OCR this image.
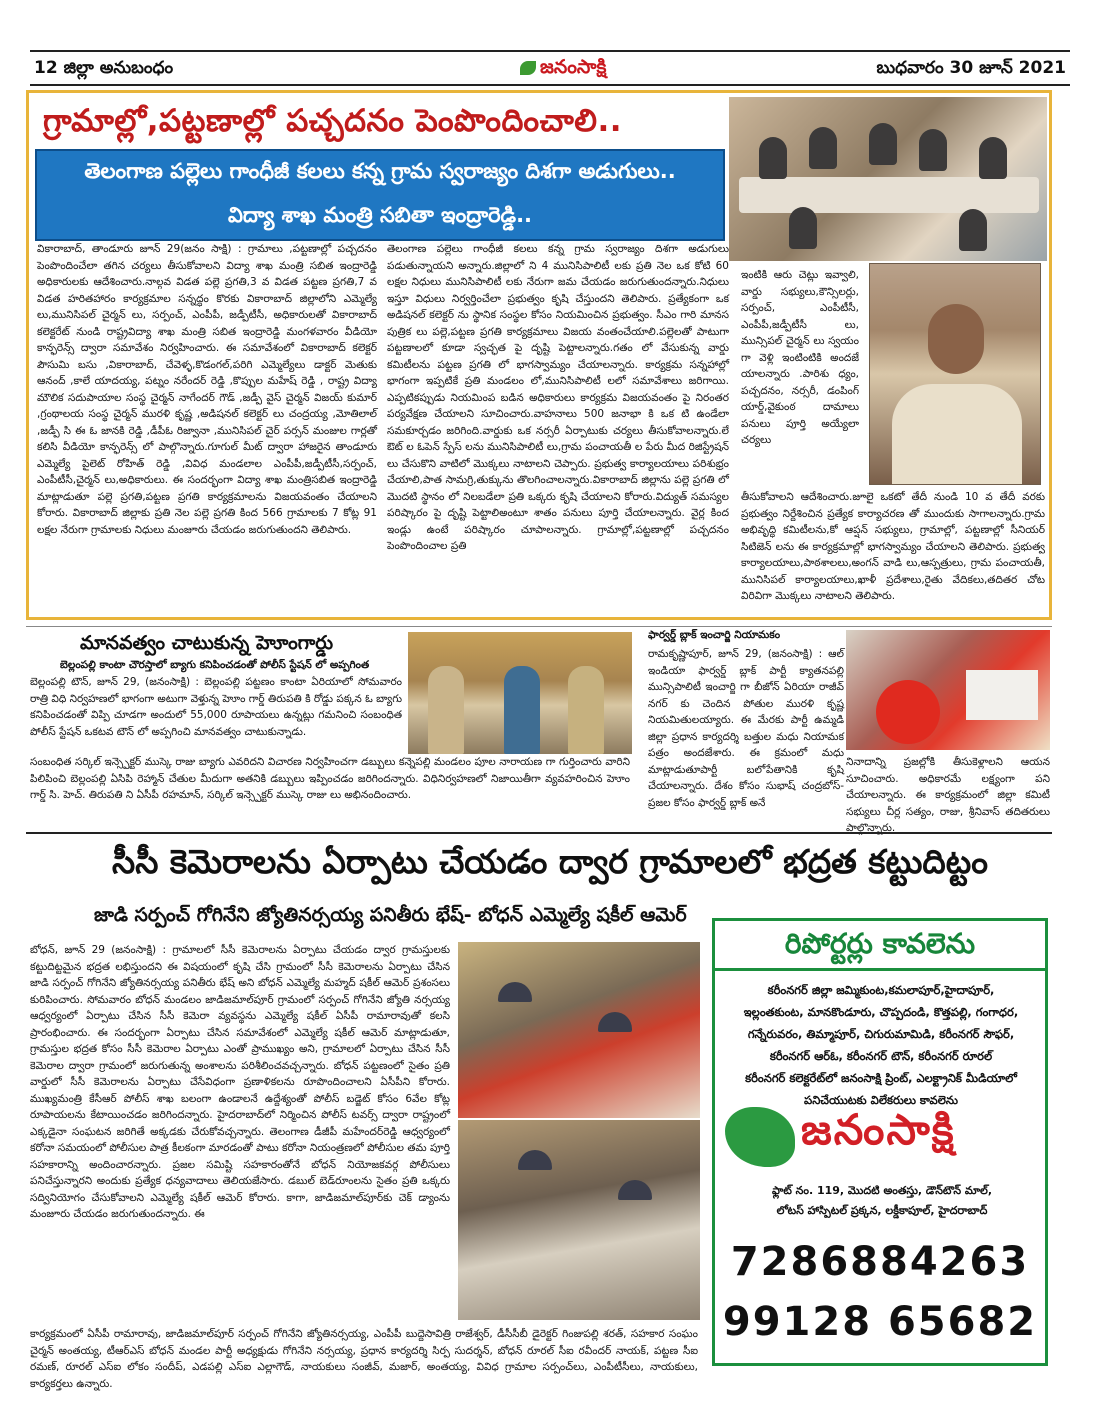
12 జిల్లా అనుబంధం	జనంసాక్షి	బుధవారం 30 జూన్ 2021
గ్రామాల్లో,పట్టణాల్లో పచ్చదనం పెంపొందించాలి..
తెలంగాణ పల్లెలు గాంధీజీ కలలు కన్న గ్రామ స్వరాజ్యం దిశగా అడుగులు..
విద్యా శాఖ మంత్రి సబితా ఇంద్రారెడ్డి..
వికారాబాద్, తాండూరు జూన్ 29(జనం సాక్షి) : గ్రామాలు ,పట్టణాల్లో పచ్చదనం పెంపొందించేలా తగిన చర్యలు తీసుకోవాలని విద్యా శాఖ మంత్రి సబిత ఇంద్రారెడ్డి అధికారులకు ఆదేశించారు.నాల్గవ విడత పల్లె ప్రగతి,3 వ విడత పట్టణ ప్రగతి,7 వ విడత హరితహారం కార్యక్రమాల సన్నద్ధం కొరకు వికారాబాద్ జిల్లాలోని ఎమ్మెల్యే లు,మునిసిపల్ చైర్మన్ లు, సర్పంచ్, ఎంపీపీ, జడ్పీటీసీ, అధికారులతో వికారాబాద్ కలెక్టరేట్ నుండి రాష్ట్రవిద్యా శాఖ మంత్రి సబిత ఇంద్రారెడ్డి మంగళవారం వీడియో కాన్ఫరెన్స్ ద్వారా సమావేశం నిర్వహించారు. ఈ సమావేశంలో వికారాబాద్ కలెక్టర్ పౌసుమి బసు ,వికారాబాద్, చేవెళ్ళ,కొడంగల్,పరిగి ఎమ్మెల్యేలు డాక్టర్ మెతుకు ఆనంద్ ,కాలే యాదయ్య, పట్నం నరేందర్ రెడ్డి ,కొప్పుల మహేష్ రెడ్డి , రాష్ట్ర విద్యా మౌలిక సదుపాయాల సంస్థ చైర్మన్ నాగేందర్ గౌడ్ ,జడ్పీ వైస్ చైర్మన్ విజయ్ కుమార్ ,గ్రంథాలయ సంస్థ చైర్మన్ మురళి కృష్ణ ,అడిషనల్ కలెక్టర్ లు చంద్రయ్య ,మోతిలాల్ ,జడ్పీ సి ఈ ఓ జానకి రెడ్డి ,డీపీఓ రిజ్వానా ,మునిసిపల్ చైర్ పర్సన్ మంజుల గార్లతో కలిసి వీడియో కాన్ఫరెన్స్ లో పాల్గొన్నారు.గూగుల్ మీట్ ద్వారా హాజరైన తాండూరు ఎమ్మెల్యే పైలెట్ రోహిత్ రెడ్డి ,వివిధ మండలాల ఎంపీపీ,జడ్పీటీసీ,సర్పంచ్, ఎంపీటీసీ,చైర్మన్ లు,అధికారులు. ఈ సందర్భంగా విద్యా శాఖ మంత్రిసబిత ఇంద్రారెడ్డి మాట్లాడుతూ పల్లె ప్రగతి,పట్టణ ప్రగతి కార్యక్రమాలను విజయవంతం చేయాలని కోరారు. వికారాబాద్ జిల్లాకు ప్రతి నెల పల్లె ప్రగతి కింద 566 గ్రామాలకు 7 కోట్ల 91 లక్షల నేరుగా గ్రామాలకు నిధులు మంజూరు చేయడం జరుగుతుందని తెలిపారు.
తెలంగాణ పల్లెలు గాంధీజీ కలలు కన్న గ్రామ స్వరాజ్యం దిశగా అడుగులు పడుతున్నాయని అన్నారు.జిల్లాలో ని 4 మునిసిపాలిటీ లకు ప్రతి నెల ఒక కోటి 60 లక్షల నిధులు మునిసిపాలిటీ లకు నేరుగా జమ చేయడం జరుగుతుందన్నారు.నిధులు ఇస్తూ విధులు నిర్వర్తించేలా ప్రభుత్వం కృషి చేస్తుందని తెలిపారు. ప్రత్యేకంగా ఒక అడిషనల్ కలెక్టర్ ను స్థానిక సంస్థల కోసం నియమించిన ప్రభుత్వం. సీఎం గారి మానస పుత్రిక లు పల్లె,పట్టణ ప్రగతి కార్యక్రమాలు విజయ వంతంచేయాలి.పల్లెలతో పాటుగా పట్టణాలలో కూడా స్వచ్ఛత పై దృష్టి పెట్టాలన్నారు.గతం లో వేసుకున్న వార్డు కమిటీలను పట్టణ ప్రగతి లో భాగస్వామ్యం చేయాలన్నారు. కార్యక్రమ సన్నహాల్లో భాగంగా ఇప్పటికే ప్రతి మండలం లో,మునిసిపాలిటీ లలో సమావేశాలు జరిగాయి. ఎప్పటికప్పుడు నియమింప బడిన అధికారులు కార్యక్రమ విజయవంతం పై నిరంతర పర్యవేక్షణ చేయాలని సూచించారు.వాహనాలు 500 జనాభా కి ఒక టి ఉండేలా సమకూర్చడం జరిగింది.వార్డుకు ఒక నర్సరీ ఏర్పాటుకు చర్యలు తీసుకోవాలన్నారు.లే ఔట్ ల ఓపెన్ స్పేస్ లను మునిసిపాలిటీ లు,గ్రామ పంచాయతీ ల పేరు మీద రిజిస్ట్రేషన్ లు చేసుకొని వాటిలో మొక్కలు నాటాలని చెప్పారు. ప్రభుత్వ కార్యాలయాలు పరిశుభ్రం చేయాలి,పాత సామగ్రి,తుక్కును తొలగించాలన్నారు.వికారాబాద్ జిల్లాను పల్లె ప్రగతి లో మొదటి స్థానం లో నిలబడేలా ప్రతి ఒక్కరు కృషి చేయాలని కోరారు.విద్యుత్ సమస్యల పరిష్కారం పై దృష్టి పెట్టాలిఅంటూ శాతం పనులు పూర్తి చేయాలన్నారు. వైర్ల కింద ఇండ్లు ఉంటే పరిష్కారం చూపాలన్నారు. గ్రామాల్లో,పట్టణాల్లో పచ్చదనం పెంపొందించాల ప్రతి
ఇంటికి ఆరు చెట్లు ఇవ్వాలి, వార్డు సభ్యులు,కౌన్సిలర్లు, సర్పంచ్, ఎంపీటీసీ, ఎంపీపీ,జడ్పీటీసీ లు, మున్సిపల్ చైర్మన్ లు స్వయం గా వెళ్లి ఇంటింటికి అందజే యాలన్నారు .పారిశు ధ్యం, పచ్చదనం, నర్సరీ, డంపింగ్ యార్డ్,వైకుంఠ దామాలు పనులు పూర్తి అయ్యేలా చర్యలు
తీసుకోవాలని ఆదేశించారు.జూలై ఒకటో తేదీ నుండి 10 వ తేదీ వరకు ప్రభుత్వం నిర్దేశించిన ప్రత్యేక కార్యాచరణ తో ముందుకు సాగాలన్నారు.గ్రామ అభివృద్ధి కమిటీలను,కో ఆప్షన్ సభ్యులు, గ్రామాల్లో, పట్టణాల్లో సీనియర్ సిటిజెన్ లను ఈ కార్యక్రమాల్లో భాగస్వామ్యం చేయాలని తెలిపారు. ప్రభుత్వ కార్యాలయాలు,పాఠశాలలు,అంగన్ వాడి లు,ఆస్పత్రులు, గ్రామ పంచాయతీ, మునిసిపల్ కార్యాలయాలు,ఖాళీ ప్రదేశాలు,రైతు వేదికలు,తదితర చోట విరివిగా మొక్కలు నాటాలని తెలిపారు.
మానవత్వం చాటుకున్న హెూంగార్డు
బెల్లంపల్లి కాంటా చౌరస్తాలో బ్యాగు కనిపించడంతో పోలీస్ స్టేషన్ లో అప్పగింత
బెల్లంపల్లి టౌన్, జూన్ 29, (జనంసాక్షి) : బెల్లంపల్లి పట్టణం కాంటా ఏరియాలో సోమవారం రాత్రి విధి నిర్వహణలో భాగంగా అటుగా వెళ్తున్న హెూం గార్డ్ తిరుపతి కి రోడ్డు పక్కన ఓ బ్యాగు కనిపించడంతో విప్పి చూడగా అందులో 55,000 రూపాయలు ఉన్నట్లు గమనించి సంబంధిత పోలీస్ స్టేషన్ ఒకటవ టౌన్ లో అప్పగించి మానవత్వం చాటుకున్నాడు.
సంబంధిత సర్కిల్ ఇన్స్పెక్టర్ ముస్కె రాజు బ్యాగు ఎవరిదని విచారణ నిర్వహించగా డబ్బులు కన్నెపల్లి మండలం పూల నారాయణ గా గుర్తించారు వారిని పిలిపించి బెల్లంపల్లి ఏసిపి రెహ్మాన్ చేతుల మీదుగా అతనికి డబ్బులు ఇప్పించడం జరిగిందన్నారు. విధినిర్వహణలో నిజాయితీగా వ్యవహరించిన హెూం గార్డ్ సి. హెచ్. తిరుపతి ని ఏసీపీ రహమాన్, సర్కిల్ ఇన్స్పెక్టర్ ముస్కె రాజు లు అభినందించారు.
ఫార్వర్డ్ బ్లాక్ ఇంచార్జి నియామకం
రామకృష్ణాపూర్, జూన్ 29, (జనంసాక్షి) : ఆల్ ఇండియా ఫార్వర్డ్ బ్లాక్ పార్టీ క్యాతనపల్లి మున్సిపాలిటీ ఇంచార్జి గా బీజోన్ ఏరియా రాజీవ్ నగర్ కు చెందిన పోతుల మురళి కృష్ణ నియమితులయ్యారు. ఈ మేరకు పార్టీ ఉమ్మడి జిల్లా ప్రధాన కార్యదర్శి బత్తుల మధు నియామక పత్రం అందజేశారు. ఈ క్రమంలో మధు మాట్లాడుతూపార్టీ బలోపేతానికి కృషి చేయాలన్నారు. దేశం కోసం సుభాష్ చంద్రబోస్- ప్రజల కోసం ఫార్వర్డ్ బ్లాక్ అనే
నినాదాన్ని ప్రజల్లోకి తీసుకెళ్లాలని ఆయన సూచించారు. అధికారమే లక్ష్యంగా పని చేయాలన్నారు. ఈ కార్యక్రమంలో జిల్లా కమిటీ సభ్యులు చీర్ల సత్యం, రాజు, శ్రీనివాస్ తదితరులు పాల్గొన్నారు.
సీసీ కెమెరాలను ఏర్పాటు చేయడం ద్వార గ్రామాలలో భద్రత కట్టుదిట్టం
జాడి సర్పంచ్ గోగినేని జ్యోతినర్సయ్య పనితీరు భేష్- బోధన్ ఎమ్మెల్యే షకీల్ ఆమెర్
బోధన్, జూన్ 29 (జనంసాక్షి) : గ్రామాలలో సీసీ కెమెరాలను ఏర్పాటు చేయడం ద్వార గ్రామస్తులకు కట్టుదిట్టమైన భద్రత లభిస్తుందని ఈ విషయంలో కృషి చేసి గ్రామంలో సీసీ కెమెరాలను ఏర్పాటు చేసిన జాడి సర్పంచ్ గోగినేని జ్యోతినర్సయ్య పనితీరు భేష్ అని బోధన్ ఎమ్మెల్యే మహ్మద్ షకీల్ ఆమెర్ ప్రశంసలు కురిపించారు. సోమవారం బోధన్ మండలం జాడిజమాల్‌పూర్ గ్రామంలో సర్పంచ్ గోగినేని జ్యోతి నర్సయ్య ఆధ్వర్యంలో ఏర్పాటు చేసిన సీసీ కెమెరా వ్యవస్థను ఎమ్మెల్యే షకీల్ ఏసీపీ రామారావుతో కలసి ప్రారంభించారు. ఈ సందర్భంగా ఏర్పాటు చేసిన సమావేశంలో ఎమ్మెల్యే షకీల్ ఆమెర్ మాట్లాడుతూ, గ్రామస్తుల భద్రత కోసం సీసీ కెమెరాల ఏర్పాటు ఎంతో ప్రాముఖ్యం అని, గ్రామాలలో ఏర్పాటు చేసిన సీసీ కెమెరాల ద్వారా గ్రామంలో జరుగుతున్న అంశాలను పరిశీలించవచ్చన్నారు. బోధన్ పట్టణంలో సైతం ప్రతి వార్డులో సీసీ కెమెరాలను ఏర్పాటు చేసేవిధంగా ప్రణాళికలను రూపొందించాలని ఏసీపీని కోరారు. ముఖ్యమంత్రి కేసీఆర్ పోలీస్ శాఖ బలంగా ఉండాలనే ఉద్దేశ్యంతో పోలీస్ బడ్జెట్ కోసం 6వేల కోట్ల రూపాయలను కేటాయించడం జరిగిందన్నారు. హైదరాబాద్‌లో నిర్మించిన పోలీస్ టవర్స్ ద్వారా రాష్ట్రంలో ఎక్కడైనా సంఘటన జరిగితే అక్కడకు చేరుకోవచ్చన్నారు. తెలంగాణ డీజీపీ మహేందర్‌రెడ్డి ఆధ్వర్యంలో కరోనా సమయంలో పోలీసుల పాత్ర కీలకంగా మారడంతో పాటు కరోనా నియంత్రణలో పోలీసుల తమ పూర్తి సహకారాన్ని అందించారన్నారు. ప్రజల సమిష్టి సహకారంతోనే బోధన్ నియోజకవర్గ పోలీసులు పనిచేస్తున్నారని అందుకు ప్రత్యేక ధన్యవాదాలు తెలియజేసారు. డబుల్ బెడ్‌రూంలను సైతం ప్రతి ఒక్కరు సద్వినియోగం చేసుకోవాలని ఎమ్మెల్యే షకీల్ ఆమెర్ కోరారు. కాగా, జాడిజమాల్‌పూర్‌కు చెక్ డ్యాంను మంజూరు చేయడం జరుగుతుందన్నారు. ఈ
కార్యక్రమంలో ఏసీపీ రామారావు, జాడిజమాల్‌పూర్ సర్పంచ్ గోగినేని జ్యోతినర్సయ్య, ఎంపీపీ బుద్దెసావిత్రి రాజేశ్వర్, డీసీసీబీ డైరెక్టర్ గింజుపల్లి శరత్, సహకార సంఘం చైర్మన్ అంతయ్య, టీఆర్ఎస్ బోధన్ మండల పార్టీ అధ్యక్షుడు గోగినేని నర్సయ్య, ప్రధాన కార్యదర్శి సిర్ప సుదర్శన్, బోధన్ రూరల్ సీఐ రవీందర్ నాయక్, పట్టణ సీఐ రమణ్, రూరల్ ఎస్ఐ లోకం సందీప్, ఎడపల్లి ఎస్ఐ ఎల్లాగౌడ్, నాయకులు సంజీవ్, మజార్, అంతయ్య, వివిధ గ్రామాల సర్పంచ్‌లు, ఎంపీటీసీలు, నాయకులు, కార్యకర్తలు ఉన్నారు.
రిపోర్టర్లు కావలెను
కరీంనగర్ జిల్లా జమ్మికుంట,కమలాపూర్,హైదాపూర్,
ఇల్లంతకుంట, మానకొండూరు, చొప్పదండి, కొత్తపల్లి, గంగాధర,
గన్నేరువరం, తిమ్మాపూర్, చిగురుమామిడి, కరీంనగర్ సౌఫర్,
కరీంనగర్ ఆర్ఓ, కరీంనగర్ టౌన్, కరీంనగర్ రూరల్
కరీంనగర్ కలెక్టరేట్‌లో జనంసాక్షి ప్రింట్, ఎలక్ట్రానిక్ మీడియాలో
పనిచేయుటకు విలేకరులు కావలెను
జనంసాక్షి
ఫ్లాట్ నం. 119, మొదటి అంతస్తు, డౌన్‌టౌన్ మాల్,
లోటస్ హాస్పిటల్ ప్రక్కన, లక్డీకాపూల్, హైదరాబాద్
7286884263
99128 65682
